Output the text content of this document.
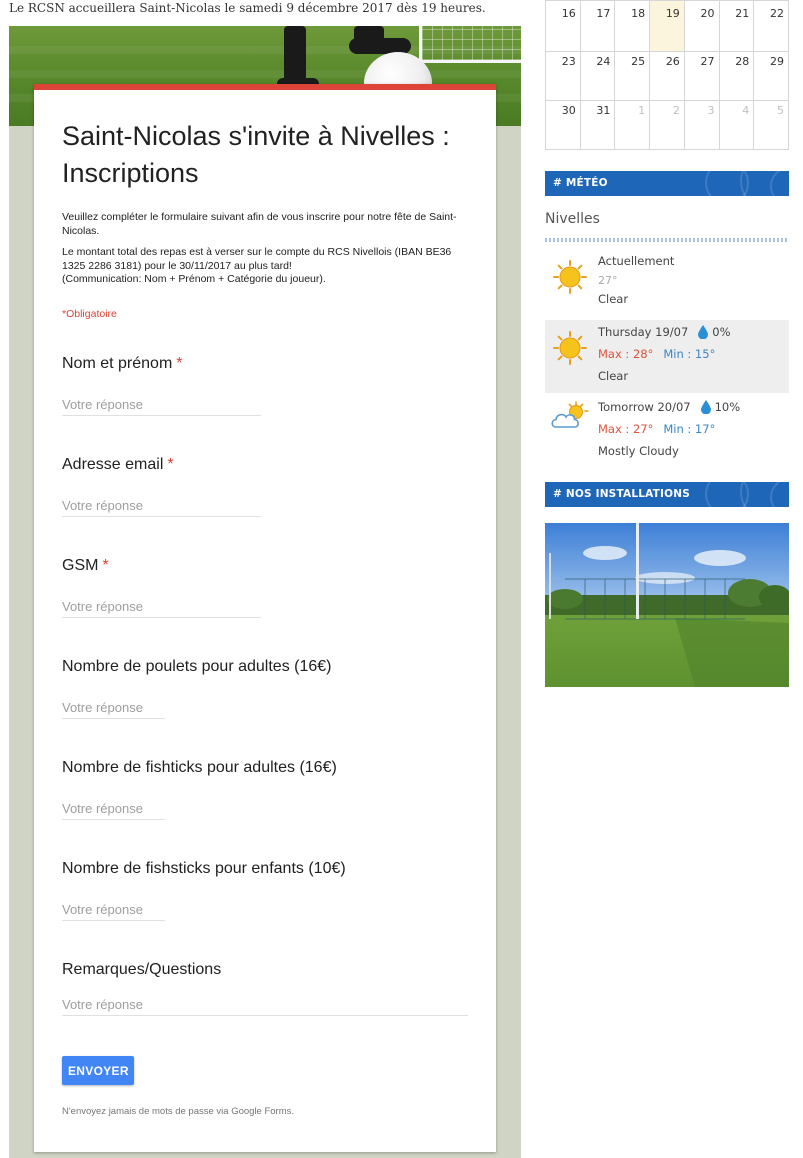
Le RCSN accueillera Saint-Nicolas le samedi 9 décembre 2017 dès 19 heures.
Saint-Nicolas s'invite à Nivelles : Inscriptions

Veuillez compléter le formulaire suivant afin de vous inscrire pour notre fête de Saint-Nicolas.

Le montant total des repas est à verser sur le compte du RCS Nivellois (IBAN BE36 1325 2286 3181) pour le 30/11/2017 au plus tard!

(Communication: Nom + Prénom + Catégorie du joueur).

*Obligatoire
Nom et prénom *
Votre réponse
Adresse email *
Votre réponse
GSM *
Votre réponse
Nombre de poulets pour adultes (16€)
Votre réponse
Nombre de fishticks pour adultes (16€)
Votre réponse
Nombre de fishsticks pour enfants (10€)
Votre réponse
Remarques/Questions
Votre réponse
ENVOYER
N'envoyez jamais de mots de passe via Google Forms.
16	17	18	19	20	21	22
23	24	25	26	27	28	29
30	31	1	2	3	4	5
# MÉTÉO
Nivelles
Actuellement
27°
Clear
Thursday 19/07 0%
Max : 28° Min : 15°
Clear
Tomorrow 20/07 10%
Max : 27° Min : 17°
Mostly Cloudy
# NOS INSTALLATIONS
